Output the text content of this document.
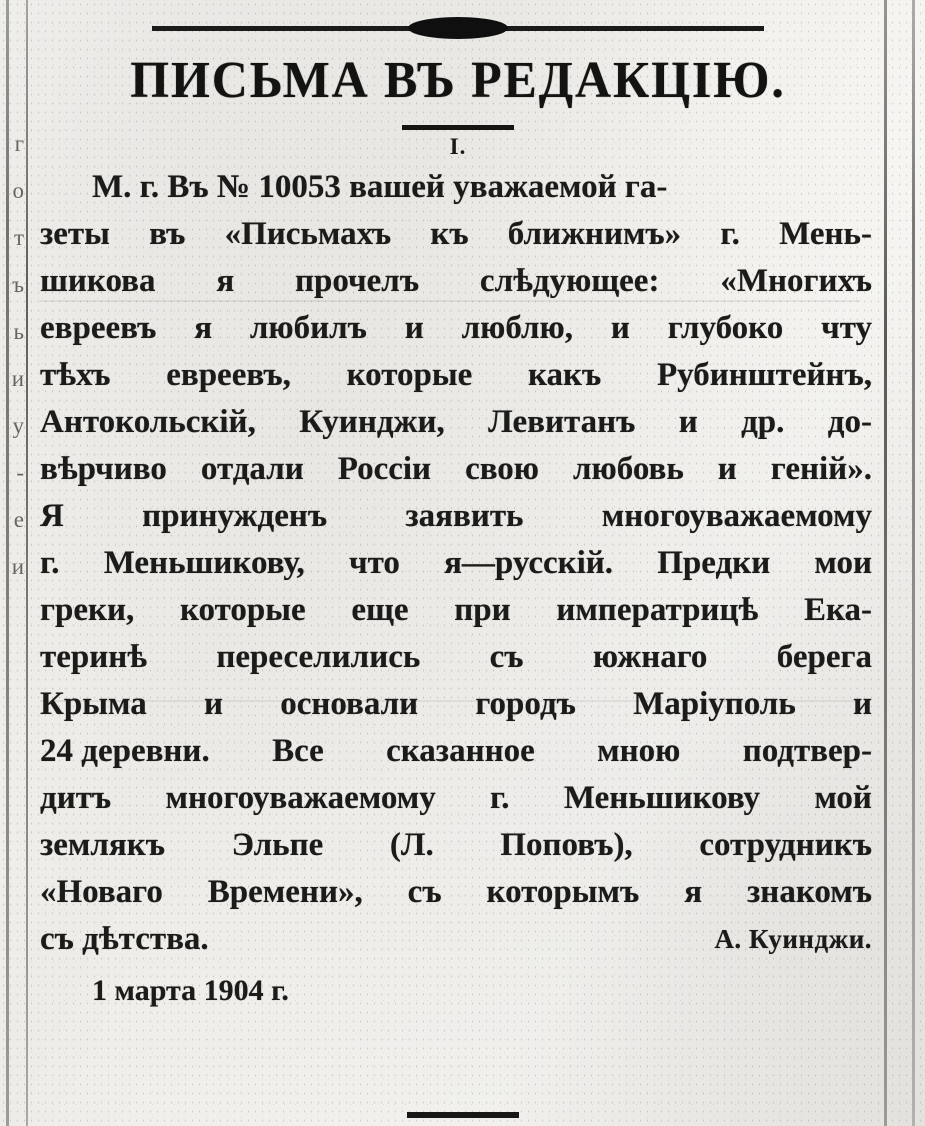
г
о
т
ъ
ь
и
у
-
е
и
ПИСЬМА ВЪ РЕДАКЦІЮ.
I.
М. г. Въ № 10053 вашей уважаемой га-
зеты въ «Письмахъ къ ближнимъ» г. Мень-
шикова я прочелъ слѣдующее: «Многихъ
евреевъ я любилъ и люблю, и глубоко чту
тѣхъ евреевъ, которые какъ Рубинштейнъ,
Антокольскій, Куинджи, Левитанъ и др. до-
вѣрчиво отдали Россіи свою любовь и геній».
Я принужденъ заявить многоуважаемому
г. Меньшикову, что я—русскій. Предки мои
греки, которые еще при императрицѣ Ека-
теринѣ переселились съ южнаго берега
Крыма и основали городъ Маріуполь и
24 деревни. Все сказанное мною подтвер-
дитъ многоуважаемому г. Меньшикову мой
землякъ Эльпе (Л. Поповъ), сотрудникъ
«Новаго Времени», съ которымъ я знакомъ
А. Куинджи.
съ дѣтства.
1 марта 1904 г.
